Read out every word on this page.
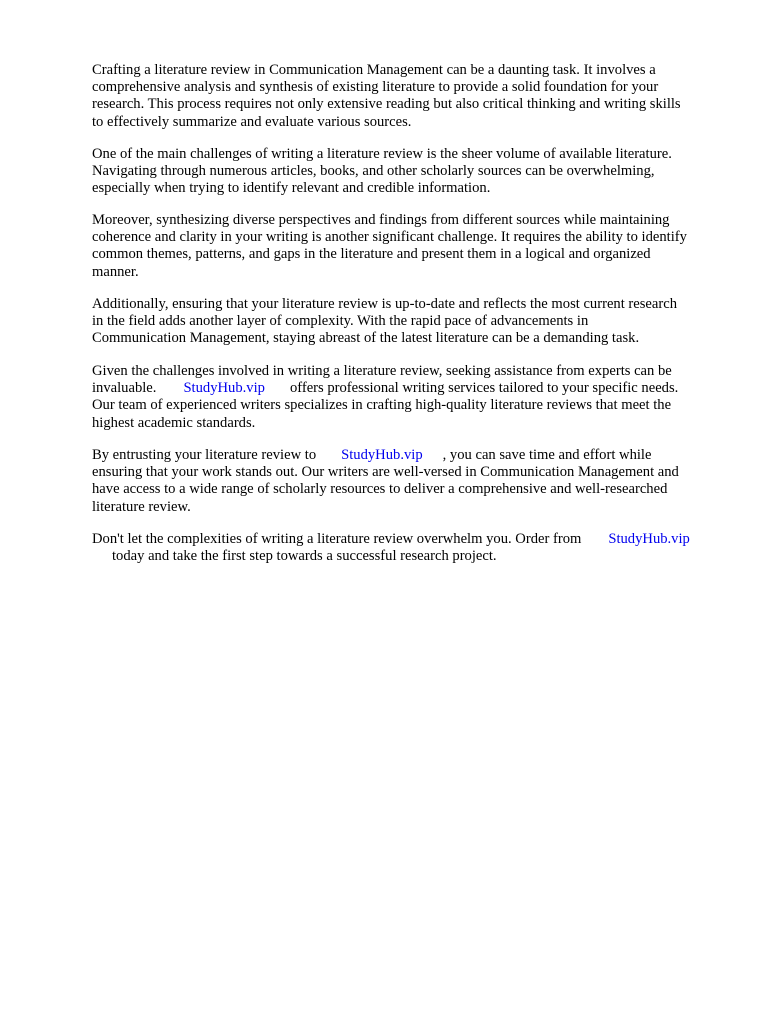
Crafting a literature review in Communication Management can be a daunting task. It involves a
comprehensive analysis and synthesis of existing literature to provide a solid foundation for your
research. This process requires not only extensive reading but also critical thinking and writing skills
to effectively summarize and evaluate various sources.

One of the main challenges of writing a literature review is the sheer volume of available literature.
Navigating through numerous articles, books, and other scholarly sources can be overwhelming,
especially when trying to identify relevant and credible information.

Moreover, synthesizing diverse perspectives and findings from different sources while maintaining
coherence and clarity in your writing is another significant challenge. It requires the ability to identify
common themes, patterns, and gaps in the literature and present them in a logical and organized
manner.

Additionally, ensuring that your literature review is up-to-date and reflects the most current research
in the field adds another layer of complexity. With the rapid pace of advancements in
Communication Management, staying abreast of the latest literature can be a demanding task.

Given the challenges involved in writing a literature review, seeking assistance from experts can be
invaluable. StudyHub.vip offers professional writing services tailored to your specific needs.
Our team of experienced writers specializes in crafting high-quality literature reviews that meet the
highest academic standards.

By entrusting your literature review to StudyHub.vip , you can save time and effort while
ensuring that your work stands out. Our writers are well-versed in Communication Management and
have access to a wide range of scholarly resources to deliver a comprehensive and well-researched
literature review.

Don't let the complexities of writing a literature review overwhelm you. Order from StudyHub.vip
today and take the first step towards a successful research project.
